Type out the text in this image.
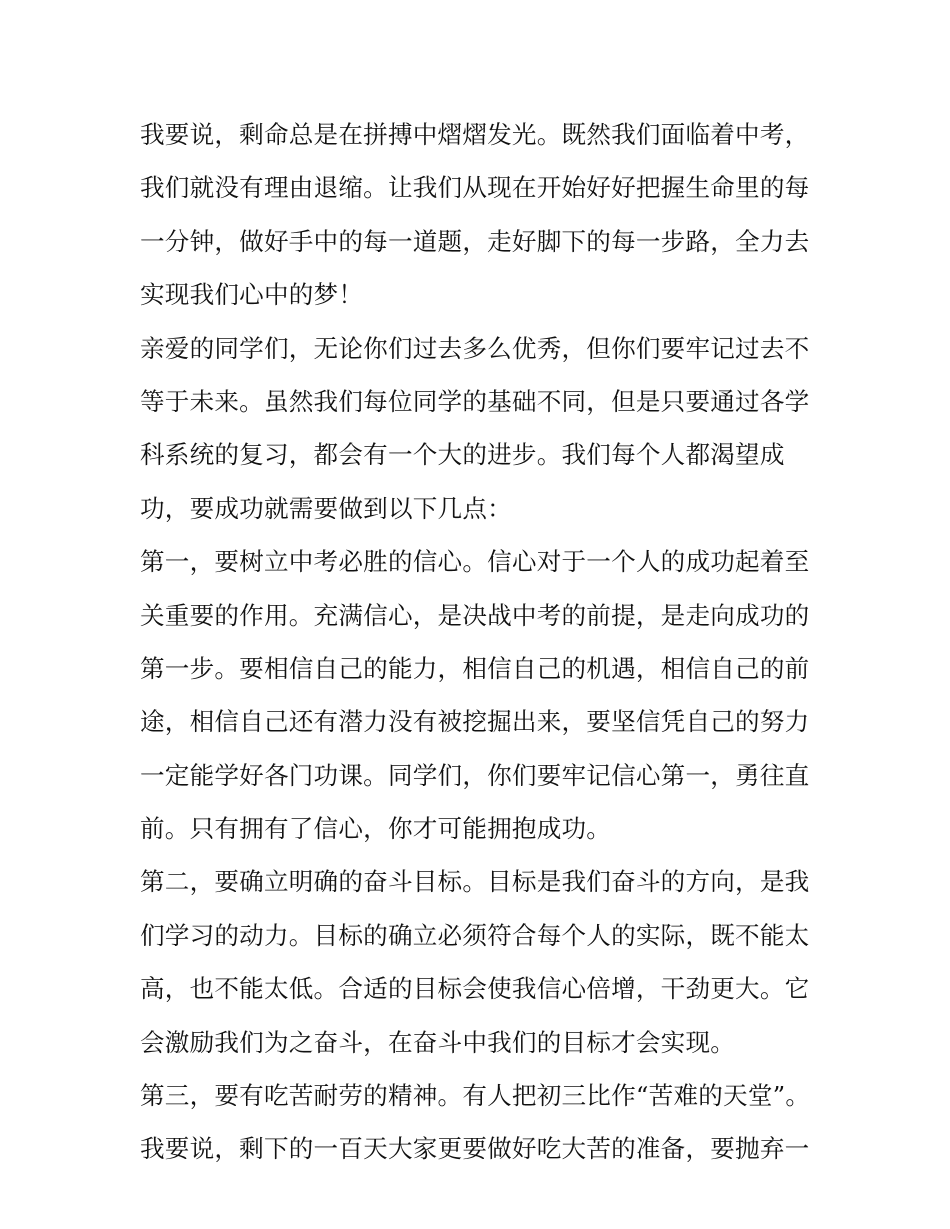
我要说，剩命总是在拼搏中熠熠发光。既然我们面临着中考，
我们就没有理由退缩。让我们从现在开始好好把握生命里的每
一分钟，做好手中的每一道题，走好脚下的每一步路，全力去
实现我们心中的梦！
亲爱的同学们，无论你们过去多么优秀，但你们要牢记过去不
等于未来。虽然我们每位同学的基础不同，但是只要通过各学
科系统的复习，都会有一个大的进步。我们每个人都渴望成
功，要成功就需要做到以下几点：
第一，要树立中考必胜的信心。信心对于一个人的成功起着至
关重要的作用。充满信心，是决战中考的前提，是走向成功的
第一步。要相信自己的能力，相信自己的机遇，相信自己的前
途，相信自己还有潜力没有被挖掘出来，要坚信凭自己的努力
一定能学好各门功课。同学们，你们要牢记信心第一，勇往直
前。只有拥有了信心，你才可能拥抱成功。
第二，要确立明确的奋斗目标。目标是我们奋斗的方向，是我
们学习的动力。目标的确立必须符合每个人的实际，既不能太
高，也不能太低。合适的目标会使我信心倍增，干劲更大。它
会激励我们为之奋斗，在奋斗中我们的目标才会实现。
第三，要有吃苦耐劳的精神。有人把初三比作“苦难的天堂”。
我要说，剩下的一百天大家更要做好吃大苦的准备，要抛弃一
